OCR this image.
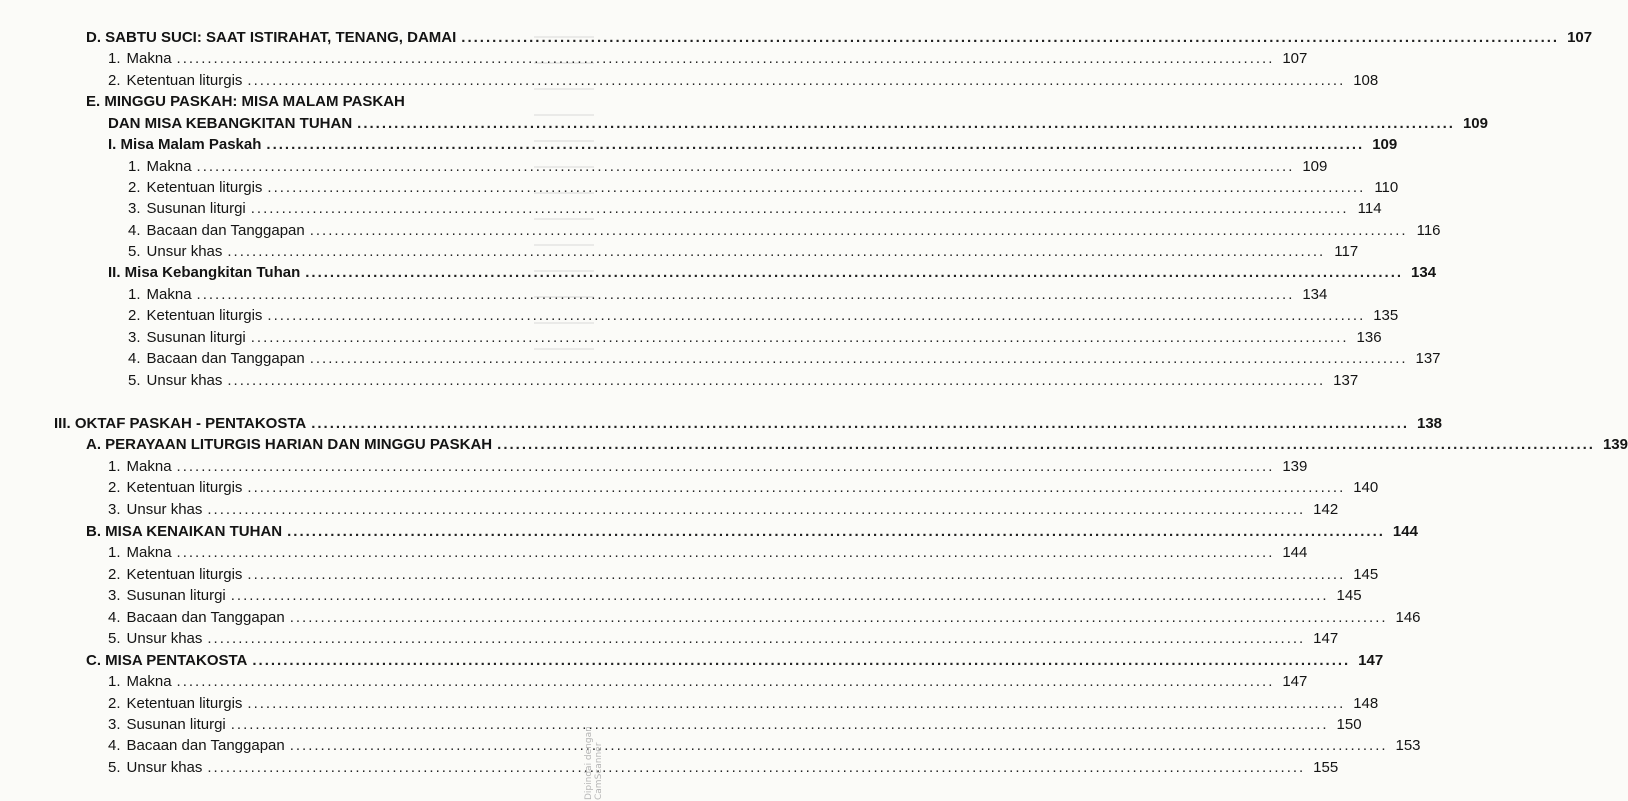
D. SABTU SUCI: SAAT ISTIRAHAT, TENANG, DAMAI .....	107
1. Makna .....	107
2. Ketentuan liturgis .....	108
E. MINGGU PASKAH: MISA MALAM PASKAH
DAN MISA KEBANGKITAN TUHAN .....	109
I. Misa Malam Paskah .....	109
1. Makna .....	109
2. Ketentuan liturgis .....	110
3. Susunan liturgi .....	114
4. Bacaan dan Tanggapan .....	116
5. Unsur khas .....	117
II. Misa Kebangkitan Tuhan .....	134
1. Makna .....	134
2. Ketentuan liturgis .....	135
3. Susunan liturgi .....	136
4. Bacaan dan Tanggapan .....	137
5. Unsur khas .....	137
III. OKTAF PASKAH - PENTAKOSTA .....	138
A. PERAYAAN LITURGIS HARIAN DAN MINGGU PASKAH .....	139
1. Makna .....	139
2. Ketentuan liturgis .....	140
3. Unsur khas .....	142
B. MISA KENAIKAN TUHAN .....	144
1. Makna .....	144
2. Ketentuan liturgis .....	145
3. Susunan liturgi .....	145
4. Bacaan dan Tanggapan .....	146
5. Unsur khas .....	147
C. MISA PENTAKOSTA .....	147
1. Makna .....	147
2. Ketentuan liturgis .....	148
3. Susunan liturgi .....	150
4. Bacaan dan Tanggapan .....	153
5. Unsur khas .....	155
Dipindai dengan CamScanner
